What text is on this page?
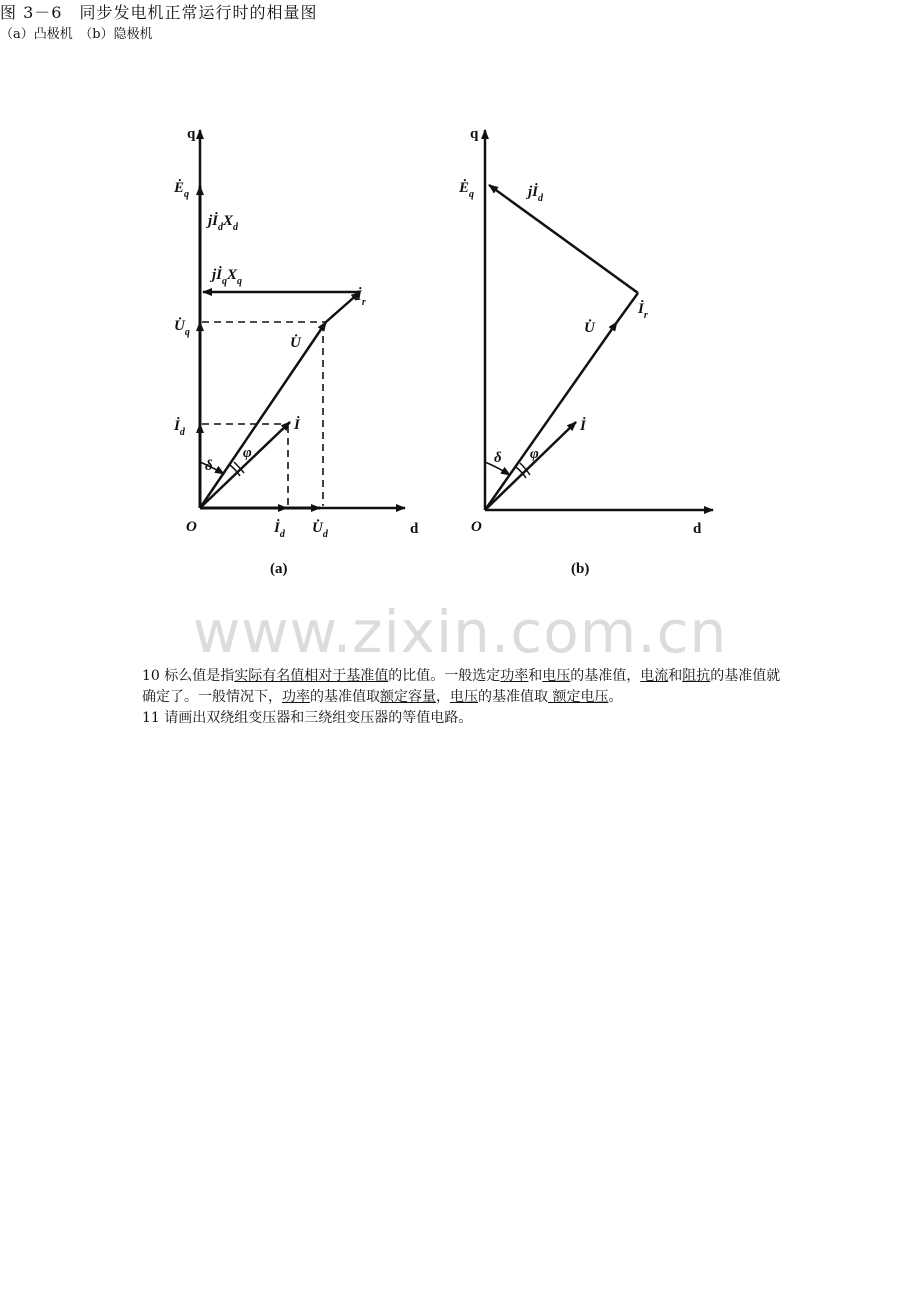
q
d
O
$Ė_q$
$jİ_dX_d$
$jİ_qX_q$
$İ_r$
$U̇_q$
U̇
$İ_d$	İ
δ
φ
$İ_d$ $U̇_d$
(a)
q
d
O
$Ė_q$	$jİ_d$
U̇
$İ_r$
İ
δ φ
(b)
www.zixin.com.cn
图 3－6　同步发电机正常运行时的相量图
（a）凸极机　（b）隐极机

10 标么值是指实际有名值相对于基准值的比值。一般选定功率和电压的基准值，电流和阻抗的基准值就确定了。一般情况下，功率的基准值取额定容量，电压的基准值取 额定电压。

11 请画出双绕组变压器和三绕组变压器的等值电路。
